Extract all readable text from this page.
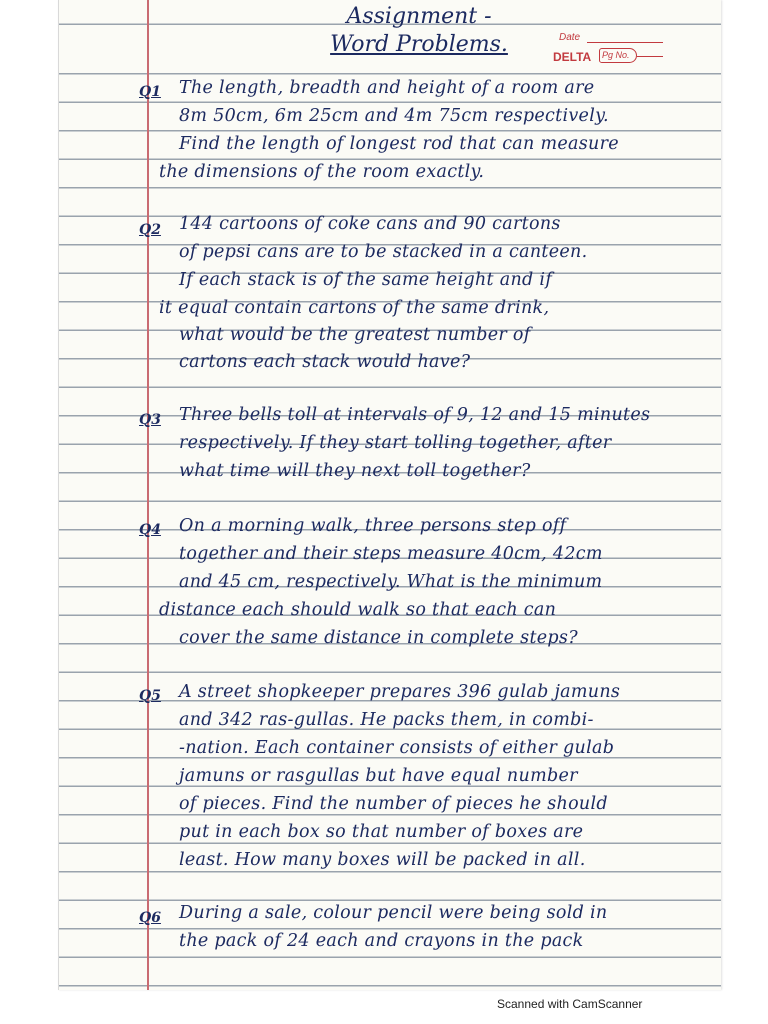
Assignment -
Word Problems.	Date
DELTA	Pg No.
Q1 The length, breadth and height of a room are
8m 50cm, 6m 25cm and 4m 75cm respectively.
Find the length of longest rod that can measure
the dimensions of the room exactly.
Q2 144 cartoons of coke cans and 90 cartons
of pepsi cans are to be stacked in a canteen.
If each stack is of the same height and if
it equal contain cartons of the same drink,
what would be the greatest number of
cartons each stack would have?
Q3 Three bells toll at intervals of 9, 12 and 15 minutes
respectively. If they start tolling together, after
what time will they next toll together?
Q4 On a morning walk, three persons step off
together and their steps measure 40cm, 42cm
and 45 cm, respectively. What is the minimum
distance each should walk so that each can
cover the same distance in complete steps?
Q5 A street shopkeeper prepares 396 gulab jamuns
and 342 ras-gullas. He packs them, in combi-
-nation. Each container consists of either gulab
jamuns or rasgullas but have equal number
of pieces. Find the number of pieces he should
put in each box so that number of boxes are
least. How many boxes will be packed in all.
Q6 During a sale, colour pencil were being sold in
the pack of 24 each and crayons in the pack
Scanned with CamScanner
